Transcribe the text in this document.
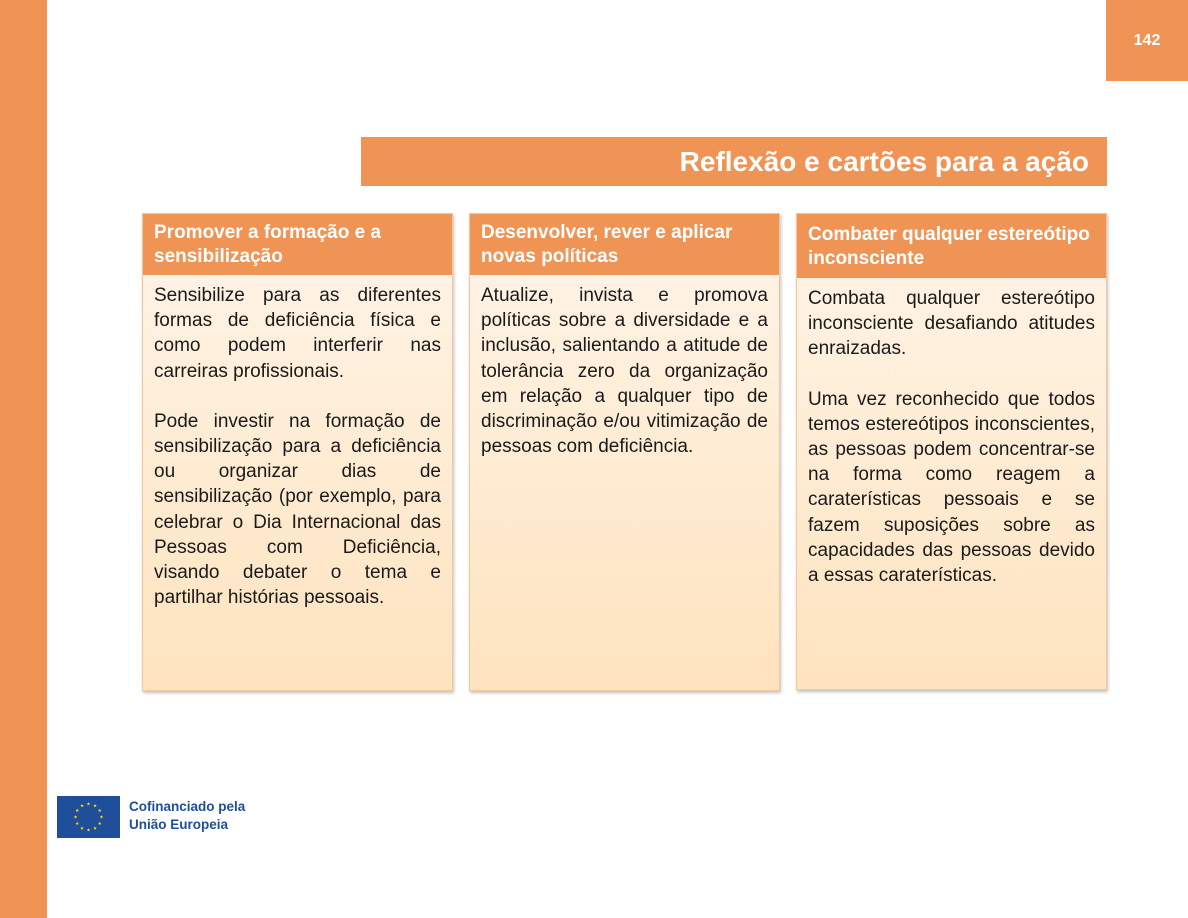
142
Reflexão e cartões para a ação
Promover a formação e a sensibilização

Sensibilize para as diferentes formas de deficiência física e como podem interferir nas carreiras profissionais.

Pode investir na formação de sensibilização para a deficiência ou organizar dias de sensibilização (por exemplo, para celebrar o Dia Internacional das Pessoas com Deficiência, visando debater o tema e partilhar histórias pessoais.

Desenvolver, rever e aplicar novas políticas

Atualize, invista e promova políticas sobre a diversidade e a inclusão, salientando a atitude de tolerância zero da organização em relação a qualquer tipo de discriminação e/ou vitimização de pessoas com deficiência.

Combater qualquer estereótipo inconsciente

Combata qualquer estereótipo inconsciente desafiando atitudes enraizadas.

Uma vez reconhecido que todos temos estereótipos inconscientes, as pessoas podem concentrar-se na forma como reagem a caraterísticas pessoais e se fazem suposições sobre as capacidades das pessoas devido a essas caraterísticas.

Cofinanciado pela
União Europeia
